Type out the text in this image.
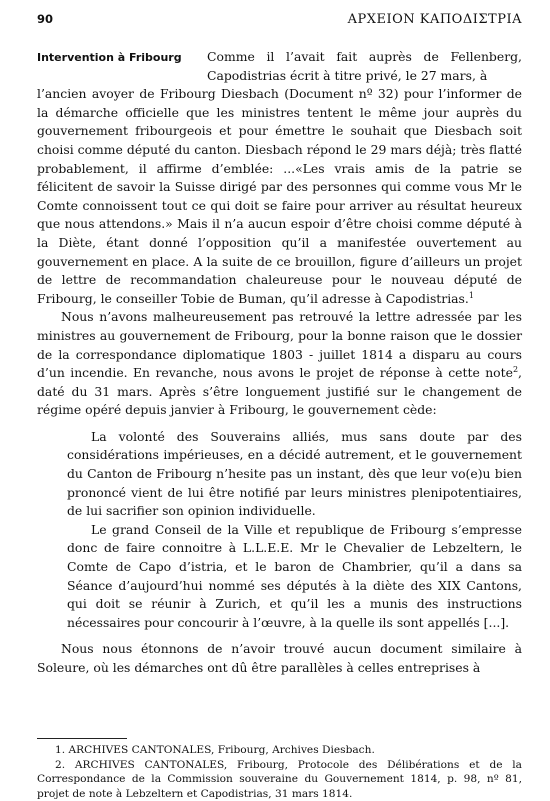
90	ΑΡΧΕΙΟΝ ΚΑΠΟΔΙΣΤΡΙΑ
Intervention à Fribourg	Comme il l’avait fait auprès de Fellenberg, Capodistrias écrit à titre privé, le 27 mars, à

l’ancien avoyer de Fribourg Diesbach (Document nº 32) pour l’informer de la démarche officielle que les ministres tentent le même jour auprès du gouvernement fribourgeois et pour émettre le souhait que Diesbach soit choisi comme député du canton. Diesbach répond le 29 mars déjà; très flatté probablement, il affirme d’emblée: ...«Les vrais amis de la patrie se félicitent de savoir la Suisse dirigé par des personnes qui comme vous Mr le Comte connoissent tout ce qui doit se faire pour arriver au résultat heureux que nous attendons.» Mais il n’a aucun espoir d’être choisi comme député à la Diète, étant donné l’opposition qu’il a manifestée ouvertement au gouvernement en place. A la suite de ce brouillon, figure d’ailleurs un projet de lettre de recommandation chaleureuse pour le nouveau député de Fribourg, le conseiller Tobie de Buman, qu’il adresse à Capodistrias.$^1$

Nous n’avons malheureusement pas retrouvé la lettre adressée par les ministres au gouvernement de Fribourg, pour la bonne raison que le dossier de la correspondance diplomatique 1803 - juillet 1814 a disparu au cours d’un incendie. En revanche, nous avons le projet de réponse à cette note$^2$, daté du 31 mars. Après s’être longuement justifié sur le changement de régime opéré depuis janvier à Fribourg, le gouvernement cède:

La volonté des Souverains alliés, mus sans doute par des considérations impérieuses, en a décidé autrement, et le gouvernement du Canton de Fribourg n’hesite pas un instant, dès que leur vo(e)u bien prononcé vient de lui être notifié par leurs ministres plenipotentiaires, de lui sacrifier son opinion individuelle.

Le grand Conseil de la Ville et republique de Fribourg s’empresse donc de faire connoitre à L.L.E.E. Mr le Chevalier de Lebzeltern, le Comte de Capo d’istria, et le baron de Chambrier, qu’il a dans sa Séance d’aujourd’hui nommé ses députés à la diète des XIX Cantons, qui doit se réunir à Zurich, et qu’il les a munis des instructions nécessaires pour concourir à l’œuvre, à la quelle ils sont appellés [...].

Nous nous étonnons de n’avoir trouvé aucun document similaire à Soleure, où les démarches ont dû être parallèles à celles entreprises à

1. ARCHIVES CANTONALES, Fribourg, Archives Diesbach.
2. ARCHIVES CANTONALES, Fribourg, Protocole des Délibérations et de la Correspondance de la Commission souveraine du Gouvernement 1814, p. 98, nº 81, projet de note à Lebzeltern et Capodistrias, 31 mars 1814.
